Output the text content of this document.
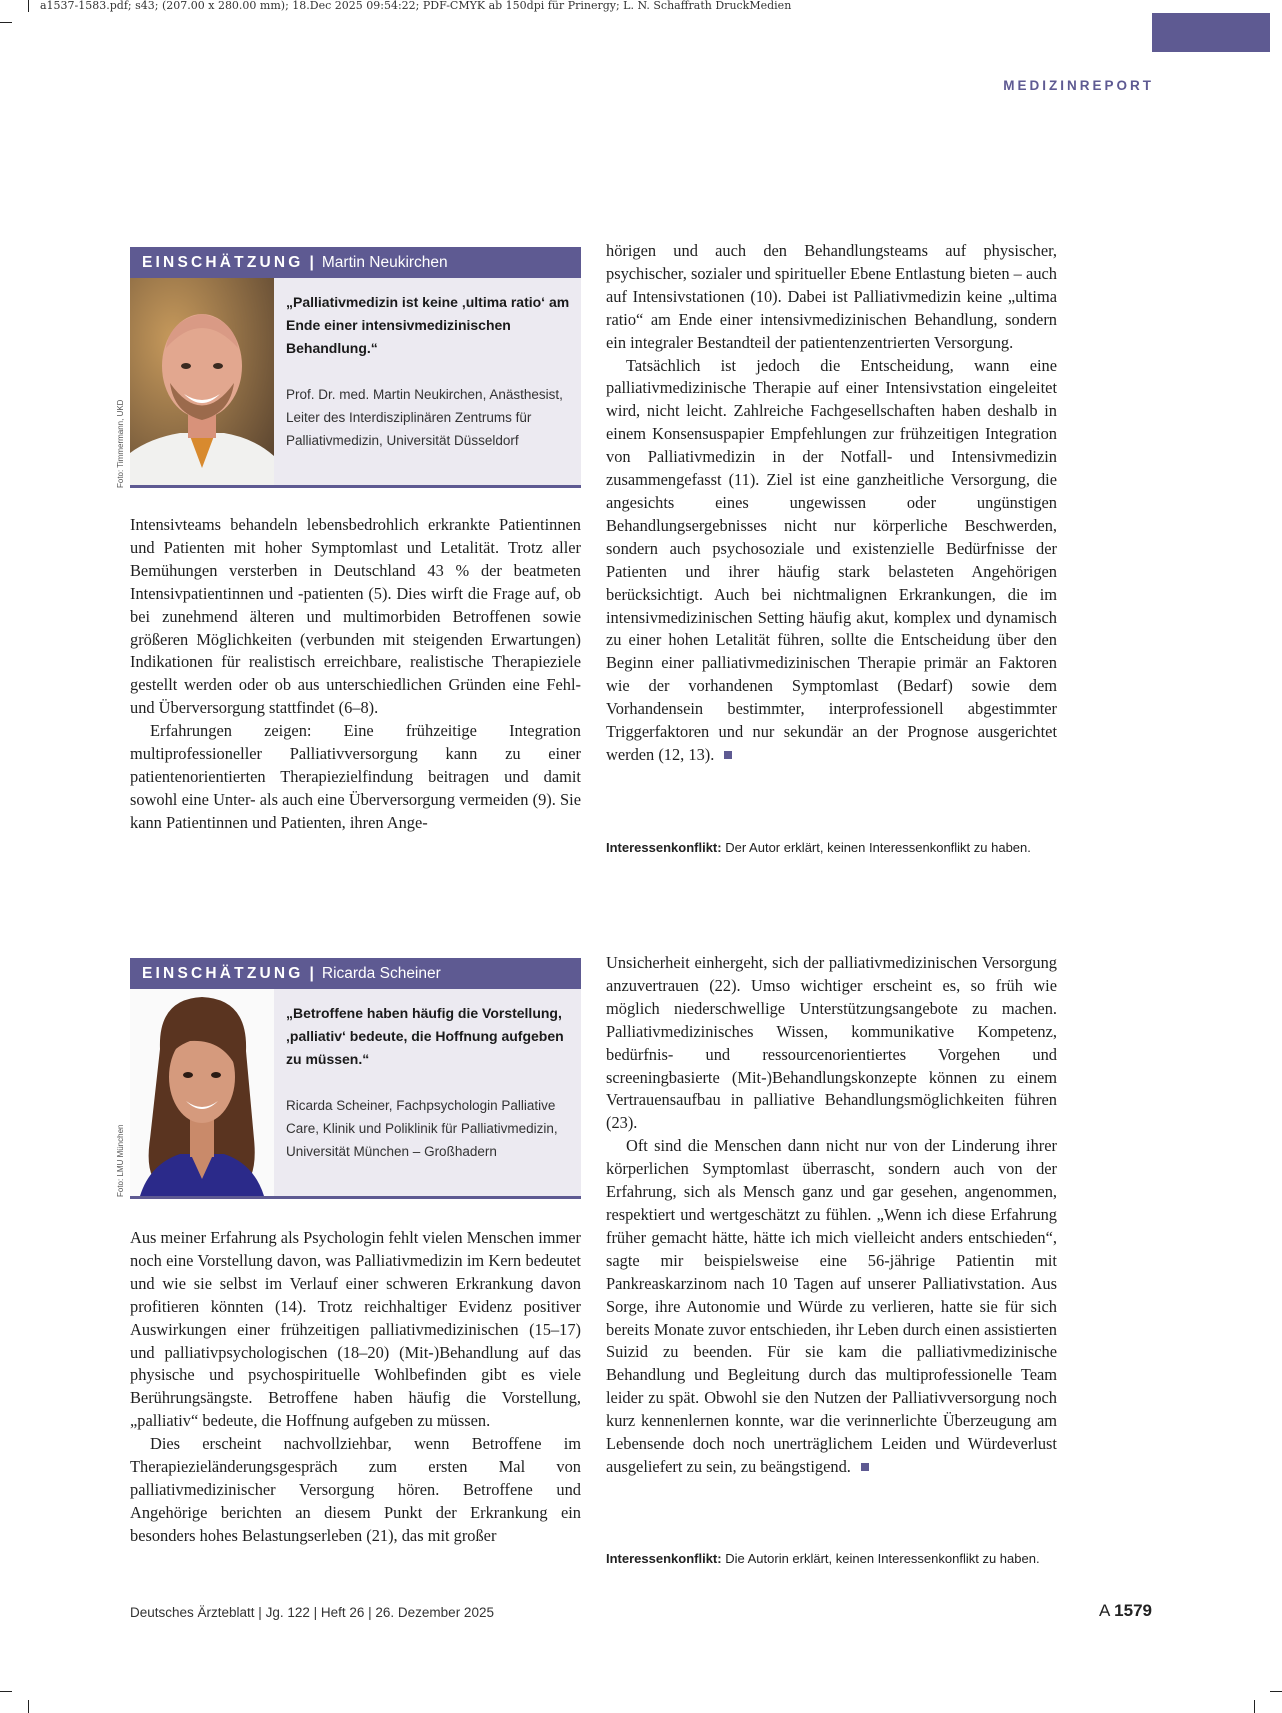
a1537-1583.pdf; s43; (207.00 x 280.00 mm); 18.Dec 2025 09:54:22; PDF-CMYK ab 150dpi für Prinergy; L. N. Schaffrath DruckMedien
MEDIZINREPORT
EINSCHÄTZUNG | Martin Neukirchen
„Palliativmedizin ist keine ‚ultima ratio‘ am Ende einer intensivmedizinischen Behandlung.“
Prof. Dr. med. Martin Neukirchen, Anästhesist, Leiter des Interdisziplinären Zentrums für Palliativmedizin, Universität Düsseldorf
Foto: Timmermann, UKD

Intensivteams behandeln lebensbedrohlich erkrankte Patientinnen und Patienten mit hoher Symptomlast und Letalität. Trotz aller Bemühungen versterben in Deutschland 43 % der beatmeten Intensivpatientinnen und -patienten (5). Dies wirft die Frage auf, ob bei zunehmend älteren und multimorbiden Betroffenen sowie größeren Möglichkeiten (verbunden mit steigenden Erwartungen) Indikationen für realistisch erreichbare, realistische Therapieziele gestellt werden oder ob aus unterschiedlichen Gründen eine Fehl- und Überversorgung stattfindet (6–8).

Erfahrungen zeigen: Eine frühzeitige Integration multiprofessioneller Palliativversorgung kann zu einer patientenorientierten Therapiezielfindung beitragen und damit sowohl eine Unter- als auch eine Überversorgung vermeiden (9). Sie kann Patientinnen und Patienten, ihren Ange-

hörigen und auch den Behandlungsteams auf physischer, psychischer, sozialer und spiritueller Ebene Entlastung bieten – auch auf Intensivstationen (10). Dabei ist Palliativmedizin keine „ultima ratio“ am Ende einer intensivmedizinischen Behandlung, sondern ein integraler Bestandteil der patientenzentrierten Versorgung.

Tatsächlich ist jedoch die Entscheidung, wann eine palliativmedizinische Therapie auf einer Intensivstation eingeleitet wird, nicht leicht. Zahlreiche Fachgesellschaften haben deshalb in einem Konsensuspapier Empfehlungen zur frühzeitigen Integration von Palliativmedizin in der Notfall- und Intensivmedizin zusammengefasst (11). Ziel ist eine ganzheitliche Versorgung, die angesichts eines ungewissen oder ungünstigen Behandlungsergebnisses nicht nur körperliche Beschwerden, sondern auch psychosoziale und existenzielle Bedürfnisse der Patienten und ihrer häufig stark belasteten Angehörigen berücksichtigt. Auch bei nichtmalignen Erkrankungen, die im intensivmedizinischen Setting häufig akut, komplex und dynamisch zu einer hohen Letalität führen, sollte die Entscheidung über den Beginn einer palliativmedizinischen Therapie primär an Faktoren wie der vorhandenen Symptomlast (Bedarf) sowie dem Vorhandensein bestimmter, interprofessionell abgestimmter Triggerfaktoren und nur sekundär an der Prognose ausgerichtet werden (12, 13).

Interessenkonflikt: Der Autor erklärt, keinen Interessenkonflikt zu haben.
EINSCHÄTZUNG | Ricarda Scheiner
„Betroffene haben häufig die Vorstellung, ‚palliativ‘ bedeute, die Hoffnung aufgeben zu müssen.“
Ricarda Scheiner, Fachpsychologin Palliative Care, Klinik und Poliklinik für Palliativmedizin, Universität München – Großhadern
Foto: LMU München

Aus meiner Erfahrung als Psychologin fehlt vielen Menschen immer noch eine Vorstellung davon, was Palliativmedizin im Kern bedeutet und wie sie selbst im Verlauf einer schweren Erkrankung davon profitieren könnten (14). Trotz reichhaltiger Evidenz positiver Auswirkungen einer frühzeitigen palliativmedizinischen (15–17) und palliativpsychologischen (18–20) (Mit-)Behandlung auf das physische und psychospirituelle Wohlbefinden gibt es viele Berührungsängste. Betroffene haben häufig die Vorstellung, „palliativ“ bedeute, die Hoffnung aufgeben zu müssen.

Dies erscheint nachvollziehbar, wenn Betroffene im Therapiezieländerungsgespräch zum ersten Mal von palliativmedizinischer Versorgung hören. Betroffene und Angehörige berichten an diesem Punkt der Erkrankung ein besonders hohes Belastungserleben (21), das mit großer

Unsicherheit einhergeht, sich der palliativmedizinischen Versorgung anzuvertrauen (22). Umso wichtiger erscheint es, so früh wie möglich niederschwellige Unterstützungsangebote zu machen. Palliativmedizinisches Wissen, kommunikative Kompetenz, bedürfnis- und ressourcenorientiertes Vorgehen und screeningbasierte (Mit-)Behandlungskonzepte können zu einem Vertrauensaufbau in palliative Behandlungsmöglichkeiten führen (23).

Oft sind die Menschen dann nicht nur von der Linderung ihrer körperlichen Symptomlast überrascht, sondern auch von der Erfahrung, sich als Mensch ganz und gar gesehen, angenommen, respektiert und wertgeschätzt zu fühlen. „Wenn ich diese Erfahrung früher gemacht hätte, hätte ich mich vielleicht anders entschieden“, sagte mir beispielsweise eine 56-jährige Patientin mit Pankreaskarzinom nach 10 Tagen auf unserer Palliativstation. Aus Sorge, ihre Autonomie und Würde zu verlieren, hatte sie für sich bereits Monate zuvor entschieden, ihr Leben durch einen assistierten Suizid zu beenden. Für sie kam die palliativmedizinische Behandlung und Begleitung durch das multiprofessionelle Team leider zu spät. Obwohl sie den Nutzen der Palliativversorgung noch kurz kennenlernen konnte, war die verinnerlichte Überzeugung am Lebensende doch noch unerträglichem Leiden und Würdeverlust ausgeliefert zu sein, zu beängstigend.

Interessenkonflikt: Die Autorin erklärt, keinen Interessenkonflikt zu haben.
Deutsches Ärzteblatt | Jg. 122 | Heft 26 | 26. Dezember 2025	A 1579
